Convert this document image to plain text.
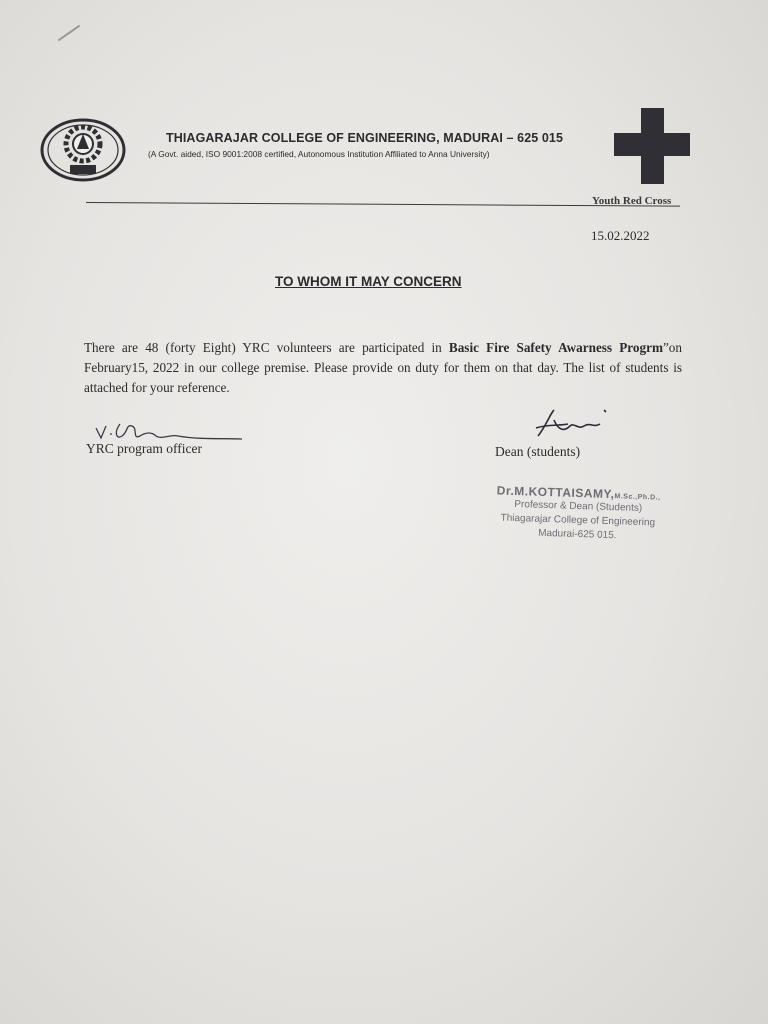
THIAGARAJAR COLLEGE OF ENGINEERING, MADURAI – 625 015
(A Govt. aided, ISO 9001:2008 certified, Autonomous Institution Affiliated to Anna University)
Youth Red Cross
15.02.2022
TO WHOM IT MAY CONCERN
There are 48 (forty Eight) YRC volunteers are participated in Basic Fire Safety Awarness Progrm”on February15, 2022 in our college premise. Please provide on duty for them on that day. The list of students is attached for your reference.
YRC program officer	Dean (students)
Dr.M.KOTTAISAMY,M.Sc.,Ph.D.,
Professor & Dean (Students)
Thiagarajar College of Engineering
Madurai-625 015.
